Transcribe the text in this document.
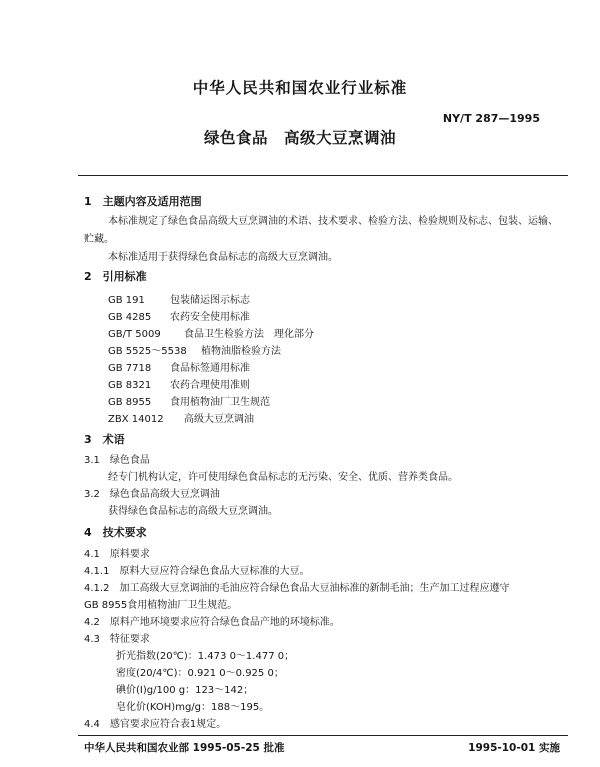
中华人民共和国农业行业标准
NY/T 287—1995
绿色食品　高级大豆烹调油
1　主题内容及适用范围
本标准规定了绿色食品高级大豆烹调油的术语、技术要求、检验方法、检验规则及标志、包装、运输、
贮藏。
本标准适用于获得绿色食品标志的高级大豆烹调油。
2　引用标准
GB 191	包装储运图示标志
GB 4285 农药安全使用标准
GB/T 5009 食品卫生检验方法　理化部分
GB 5525～5538 植物油脂检验方法
GB 7718 食品标签通用标准
GB 8321 农药合理使用准则
GB 8955 食用植物油厂卫生规范
ZBX 14012 高级大豆烹调油
3　术语
3.1　绿色食品
经专门机构认定，许可使用绿色食品标志的无污染、安全、优质、营养类食品。
3.2　绿色食品高级大豆烹调油
获得绿色食品标志的高级大豆烹调油。
4　技术要求
4.1　原料要求
4.1.1　原料大豆应符合绿色食品大豆标准的大豆。
4.1.2　加工高级大豆烹调油的毛油应符合绿色食品大豆油标准的新制毛油；生产加工过程应遵守
GB 8955食用植物油厂卫生规范。
4.2　原料产地环境要求应符合绿色食品产地的环境标准。
4.3　特征要求
折光指数(20℃)：1.473 0～1.477 0；
密度(20/4℃)：0.921 0～0.925 0；
碘价(I)g/100 g：123～142；
皂化价(KOH)mg/g：188～195。
4.4　感官要求应符合表1规定。
中华人民共和国农业部 1995-05-25 批准	1995-10-01 实施
